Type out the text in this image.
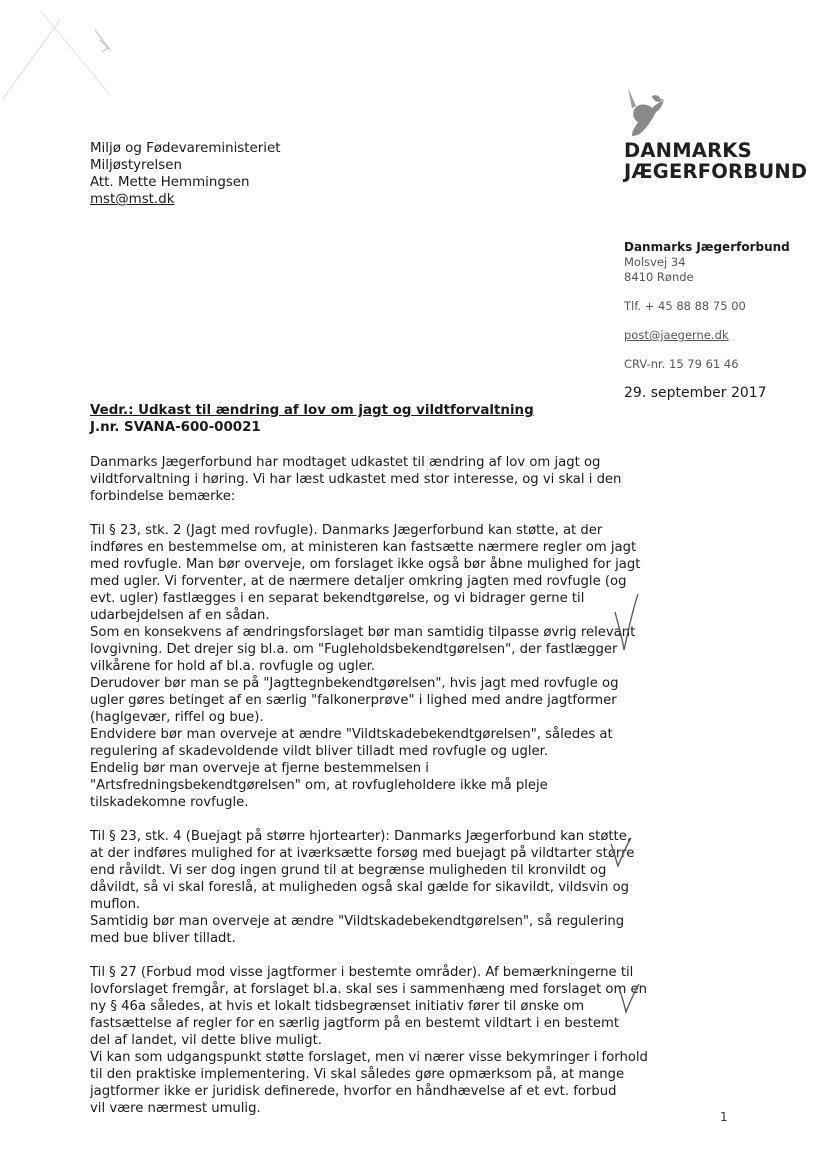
Miljø og Fødevareministeriet
Miljøstyrelsen
Att. Mette Hemmingsen
mst@mst.dk
DANMARKS
JÆGERFORBUND
Danmarks Jægerforbund
Molsvej 34
8410 Rønde
Tlf. + 45 88 88 75 00
post@jaegerne.dk
CRV-nr. 15 79 61 46
29. september 2017
Vedr.: Udkast til ændring af lov om jagt og vildtforvaltning
J.nr. SVANA-600-00021
Danmarks Jægerforbund har modtaget udkastet til ændring af lov om jagt og
vildtforvaltning i høring. Vi har læst udkastet med stor interesse, og vi skal i den
forbindelse bemærke:
Til § 23, stk. 2 (Jagt med rovfugle). Danmarks Jægerforbund kan støtte, at der
indføres en bestemmelse om, at ministeren kan fastsætte nærmere regler om jagt
med rovfugle. Man bør overveje, om forslaget ikke også bør åbne mulighed for jagt
med ugler. Vi forventer, at de nærmere detaljer omkring jagten med rovfugle (og
evt. ugler) fastlægges i en separat bekendtgørelse, og vi bidrager gerne til
udarbejdelsen af en sådan.
Som en konsekvens af ændringsforslaget bør man samtidig tilpasse øvrig relevant
lovgivning. Det drejer sig bl.a. om "Fugleholdsbekendtgørelsen", der fastlægger
vilkårene for hold af bl.a. rovfugle og ugler.
Derudover bør man se på "Jagttegnbekendtgørelsen", hvis jagt med rovfugle og
ugler gøres betinget af en særlig "falkonerprøve" i lighed med andre jagtformer
(haglgevær, riffel og bue).
Endvidere bør man overveje at ændre "Vildtskadebekendtgørelsen", således at
regulering af skadevoldende vildt bliver tilladt med rovfugle og ugler.
Endelig bør man overveje at fjerne bestemmelsen i
"Artsfredningsbekendtgørelsen" om, at rovfugleholdere ikke må pleje
tilskadekomne rovfugle.
Til § 23, stk. 4 (Buejagt på større hjortearter): Danmarks Jægerforbund kan støtte,
at der indføres mulighed for at iværksætte forsøg med buejagt på vildtarter større
end råvildt. Vi ser dog ingen grund til at begrænse muligheden til kronvildt og
dåvildt, så vi skal foreslå, at muligheden også skal gælde for sikavildt, vildsvin og
muflon.
Samtidig bør man overveje at ændre "Vildtskadebekendtgørelsen", så regulering
med bue bliver tilladt.
Til § 27 (Forbud mod visse jagtformer i bestemte områder). Af bemærkningerne til
lovforslaget fremgår, at forslaget bl.a. skal ses i sammenhæng med forslaget om en
ny § 46a således, at hvis et lokalt tidsbegrænset initiativ fører til ønske om
fastsættelse af regler for en særlig jagtform på en bestemt vildtart i en bestemt
del af landet, vil dette blive muligt.
Vi kan som udgangspunkt støtte forslaget, men vi nærer visse bekymringer i forhold
til den praktiske implementering. Vi skal således gøre opmærksom på, at mange
jagtformer ikke er juridisk definerede, hvorfor en håndhævelse af et evt. forbud
vil være nærmest umulig.
1
